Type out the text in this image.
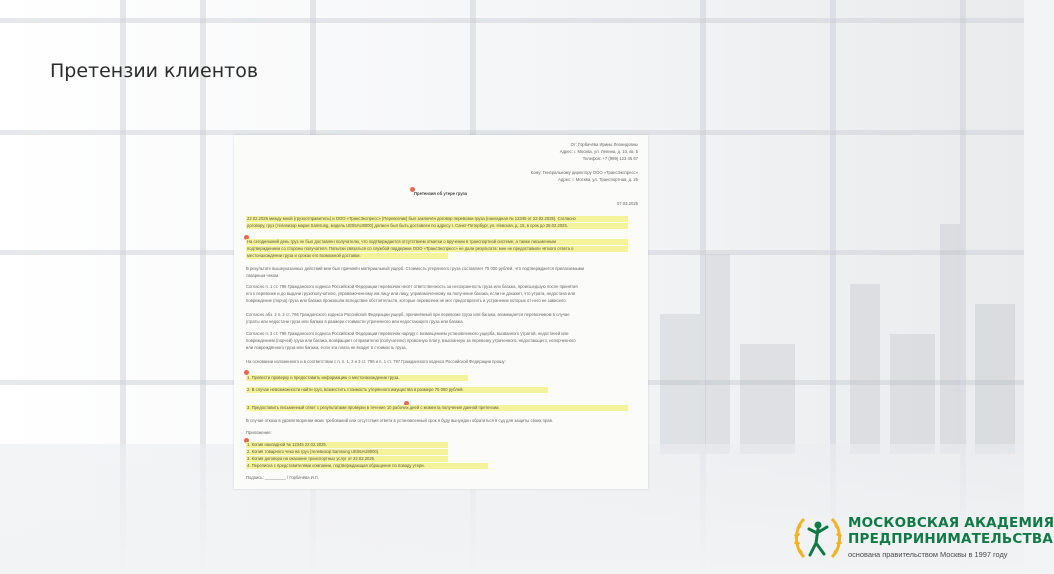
Претензии клиентов
От: Горбачёва Ирины Леонидовны
Адрес: г. Москва, ул. Ленина, д. 10, кв. 5
Телефон: +7 (999) 123 45 67
Кому: Генеральному директору ООО «ТрансЭкспресс»
Адрес: г. Москва, ул. Транспортная, д. 25
Претензия об утере груза
07.03.2025
22.02.2025 между мной (грузоотправитель) и ООО «ТрансЭкспресс» (Перевозчик) был заключён договор перевозки груза (накладная № 12345 от 22.02.2025). Согласно
договору, груз (телевизор марки Samsung, модель UE55AU8000) должен был быть доставлен по адресу г. Санкт-Петербург, ул. Невская, д. 15, в срок до 28.02.2025.
На сегодняшний день груз не был доставлен получателю, что подтверждается отсутствием отметки о вручении в транспортной системе, а также письменным
подтверждением со стороны получателя. Попытки связаться со службой поддержки ООО «ТрансЭкспресс» не дали результата: мне не предоставили чёткого ответа о
местонахождении груза и сроках его возможной доставки.
В результате вышеуказанных действий мне был причинён материальный ущерб. Стоимость утерянного груза составляет 75 000 рублей, что подтверждается прилагаемыми
товарным чеком.
Согласно п. 1 ст. 796 Гражданского кодекса Российской Федерации перевозчик несёт ответственность за несохранность груза или багажа, происшедшую после принятия
его к перевозке и до выдачи грузополучателю, управомоченному им лицу или лицу, управомоченному на получение багажа, если не докажет, что утрата, недостача или
повреждение (порча) груза или багажа произошли вследствие обстоятельств, которые перевозчик не мог предотвратить и устранение которых от него не зависело.
Согласно абз. 2 п. 2 ст. 796 Гражданского кодекса Российской Федерации ущерб, причинённый при перевозке груза или багажа, возмещается перевозчиком в случае
утраты или недостачи груза или багажа в размере стоимости утраченного или недостающего груза или багажа.
Согласно п. 3 ст. 796 Гражданского кодекса Российской Федерации перевозчик наряду с возмещением установленного ущерба, вызванного утратой, недостачей или
повреждением (порчей) груза или багажа, возвращает отправителю (получателю) провозную плату, взысканную за перевозку утраченного, недостающего, испорченного
или повреждённого груза или багажа, если эта плата не входит в стоимость груза.
На основании изложенного и в соответствии с п. п. 1, 2 и 3 ст. 796 и п. 1 ст. 797 Гражданского кодекса Российской Федерации прошу:
1. Провести проверку и предоставить информацию о местонахождении груза.
2. В случае невозможности найти груз, возместить стоимость утерянного имущества в размере 75 000 рублей.
3. Предоставить письменный ответ с результатами проверки в течение 10 рабочих дней с момента получения данной претензии.
В случае отказа в удовлетворении моих требований или отсутствия ответа в установленный срок я буду вынужден обратиться в суд для защиты своих прав.
Приложение:
1. Копия накладной № 12345 22.02.2025.
2. Копия товарного чека на груз (телевизор Samsung UE55AU8000).
3. Копия договора на оказание транспортных услуг от 22.02.2025.
4. Переписка с представителями компании, подтверждающая обращение по поводу утери.
Подпись: _________ / Горбачёва И.Л.
МОСКОВСКАЯ АКАДЕМИЯ
ПРЕДПРИНИМАТЕЛЬСТВА
основана правительством Москвы в 1997 году
